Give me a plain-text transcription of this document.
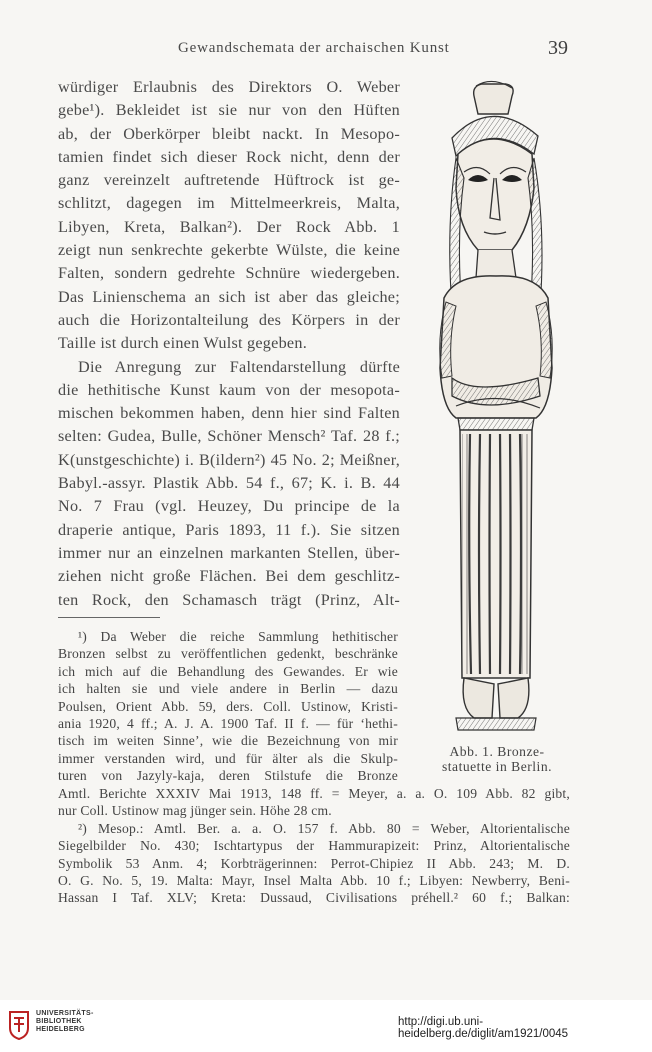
Gewandschemata der archaischen Kunst	39
würdiger Erlaubnis des Direktors O. Weber
gebe¹). Bekleidet ist sie nur von den Hüften
ab, der Oberkörper bleibt nackt. In Mesopo-
tamien findet sich dieser Rock nicht, denn der
ganz vereinzelt auftretende Hüftrock ist ge-
schlitzt, dagegen im Mittelmeerkreis, Malta,
Libyen, Kreta, Balkan²). Der Rock Abb. 1
zeigt nun senkrechte gekerbte Wülste, die keine
Falten, sondern gedrehte Schnüre wiedergeben.
Das Linienschema an sich ist aber das gleiche;
auch die Horizontalteilung des Körpers in der
Taille ist durch einen Wulst gegeben.
Die Anregung zur Faltendarstellung dürfte
die hethitische Kunst kaum von der mesopota-
mischen bekommen haben, denn hier sind Falten
selten: Gudea, Bulle, Schöner Mensch² Taf. 28 f.;
K(unstgeschichte) i. B(ildern²) 45 No. 2; Meißner,
Babyl.-assyr. Plastik Abb. 54 f., 67; K. i. B. 44
No. 7 Frau (vgl. Heuzey, Du principe de la
draperie antique, Paris 1893, 11 f.). Sie sitzen
immer nur an einzelnen markanten Stellen, über-
ziehen nicht große Flächen. Bei dem geschlitz-
ten Rock, den Schamasch trägt (Prinz, Alt-
Abb. 1. Bronze-
statuette in Berlin.
¹) Da Weber die reiche Sammlung hethitischer
Bronzen selbst zu veröffentlichen gedenkt, beschränke
ich mich auf die Behandlung des Gewandes. Er wie
ich halten sie und viele andere in Berlin — dazu
Poulsen, Orient Abb. 59, ders. Coll. Ustinow, Kristi-
ania 1920, 4 ff.; A. J. A. 1900 Taf. II f. — für ‘hethi-
tisch im weiten Sinne’, wie die Bezeichnung von mir
immer verstanden wird, und für älter als die Skulp-
turen von Jazyly-kaja, deren Stilstufe die Bronze
Amtl. Berichte XXXIV Mai 1913, 148 ff. = Meyer, a. a. O. 109 Abb. 82 gibt,
nur Coll. Ustinow mag jünger sein. Höhe 28 cm.
²) Mesop.: Amtl. Ber. a. a. O. 157 f. Abb. 80 = Weber, Altorientalische
Siegelbilder No. 430; Ischtartypus der Hammurapizeit: Prinz, Altorientalische
Symbolik 53 Anm. 4; Korbträgerinnen: Perrot-Chipiez II Abb. 243; M. D.
O. G. No. 5, 19. Malta: Mayr, Insel Malta Abb. 10 f.; Libyen: Newberry, Beni-
Hassan I Taf. XLV; Kreta: Dussaud, Civilisations préhell.² 60 f.; Balkan:
UNIVERSITÄTS-
BIBLIOTHEK
HEIDELBERG
http://digi.ub.uni-heidelberg.de/diglit/am1921/0045
